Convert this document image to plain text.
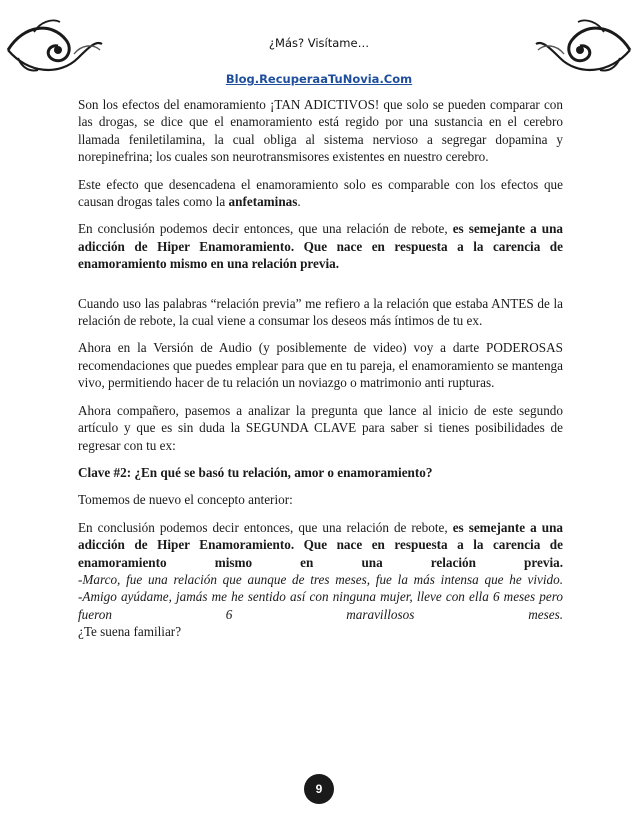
¿Más? Visítame…
Blog.RecuperaaTuNovia.Com

Son los efectos del enamoramiento ¡TAN ADICTIVOS! que solo se pueden comparar con las drogas, se dice que el enamoramiento está regido por una sustancia en el cerebro llamada feniletilamina, la cual obliga al sistema nervioso a segregar dopamina y norepinefrina; los cuales son neurotransmisores existentes en nuestro cerebro.

Este efecto que desencadena el enamoramiento solo es comparable con los efectos que causan drogas tales como la anfetaminas.

En conclusión podemos decir entonces, que una relación de rebote, es semejante a una adicción de Hiper Enamoramiento. Que nace en respuesta a la carencia de enamoramiento mismo en una relación previa.

Cuando uso las palabras “relación previa” me refiero a la relación que estaba ANTES de la relación de rebote, la cual viene a consumar los deseos más íntimos de tu ex.

Ahora en la Versión de Audio (y posiblemente de video) voy a darte PODEROSAS recomendaciones que puedes emplear para que en tu pareja, el enamoramiento se mantenga vivo, permitiendo hacer de tu relación un noviazgo o matrimonio anti rupturas.

Ahora compañero, pasemos a analizar la pregunta que lance al inicio de este segundo artículo y que es sin duda la SEGUNDA CLAVE para saber si tienes posibilidades de regresar con tu ex:

Clave #2: ¿En qué se basó tu relación, amor o enamoramiento?

Tomemos de nuevo el concepto anterior:

En conclusión podemos decir entonces, que una relación de rebote, es semejante a una adicción de Hiper Enamoramiento. Que nace en respuesta a la carencia de enamoramiento mismo en una relación previa.

-Marco, fue una relación que aunque de tres meses, fue la más intensa que he vivido.
-Amigo ayúdame, jamás me he sentido así con ninguna mujer, lleve con ella 6 meses pero fueron 6 maravillosos meses.
¿Te suena familiar?
9
